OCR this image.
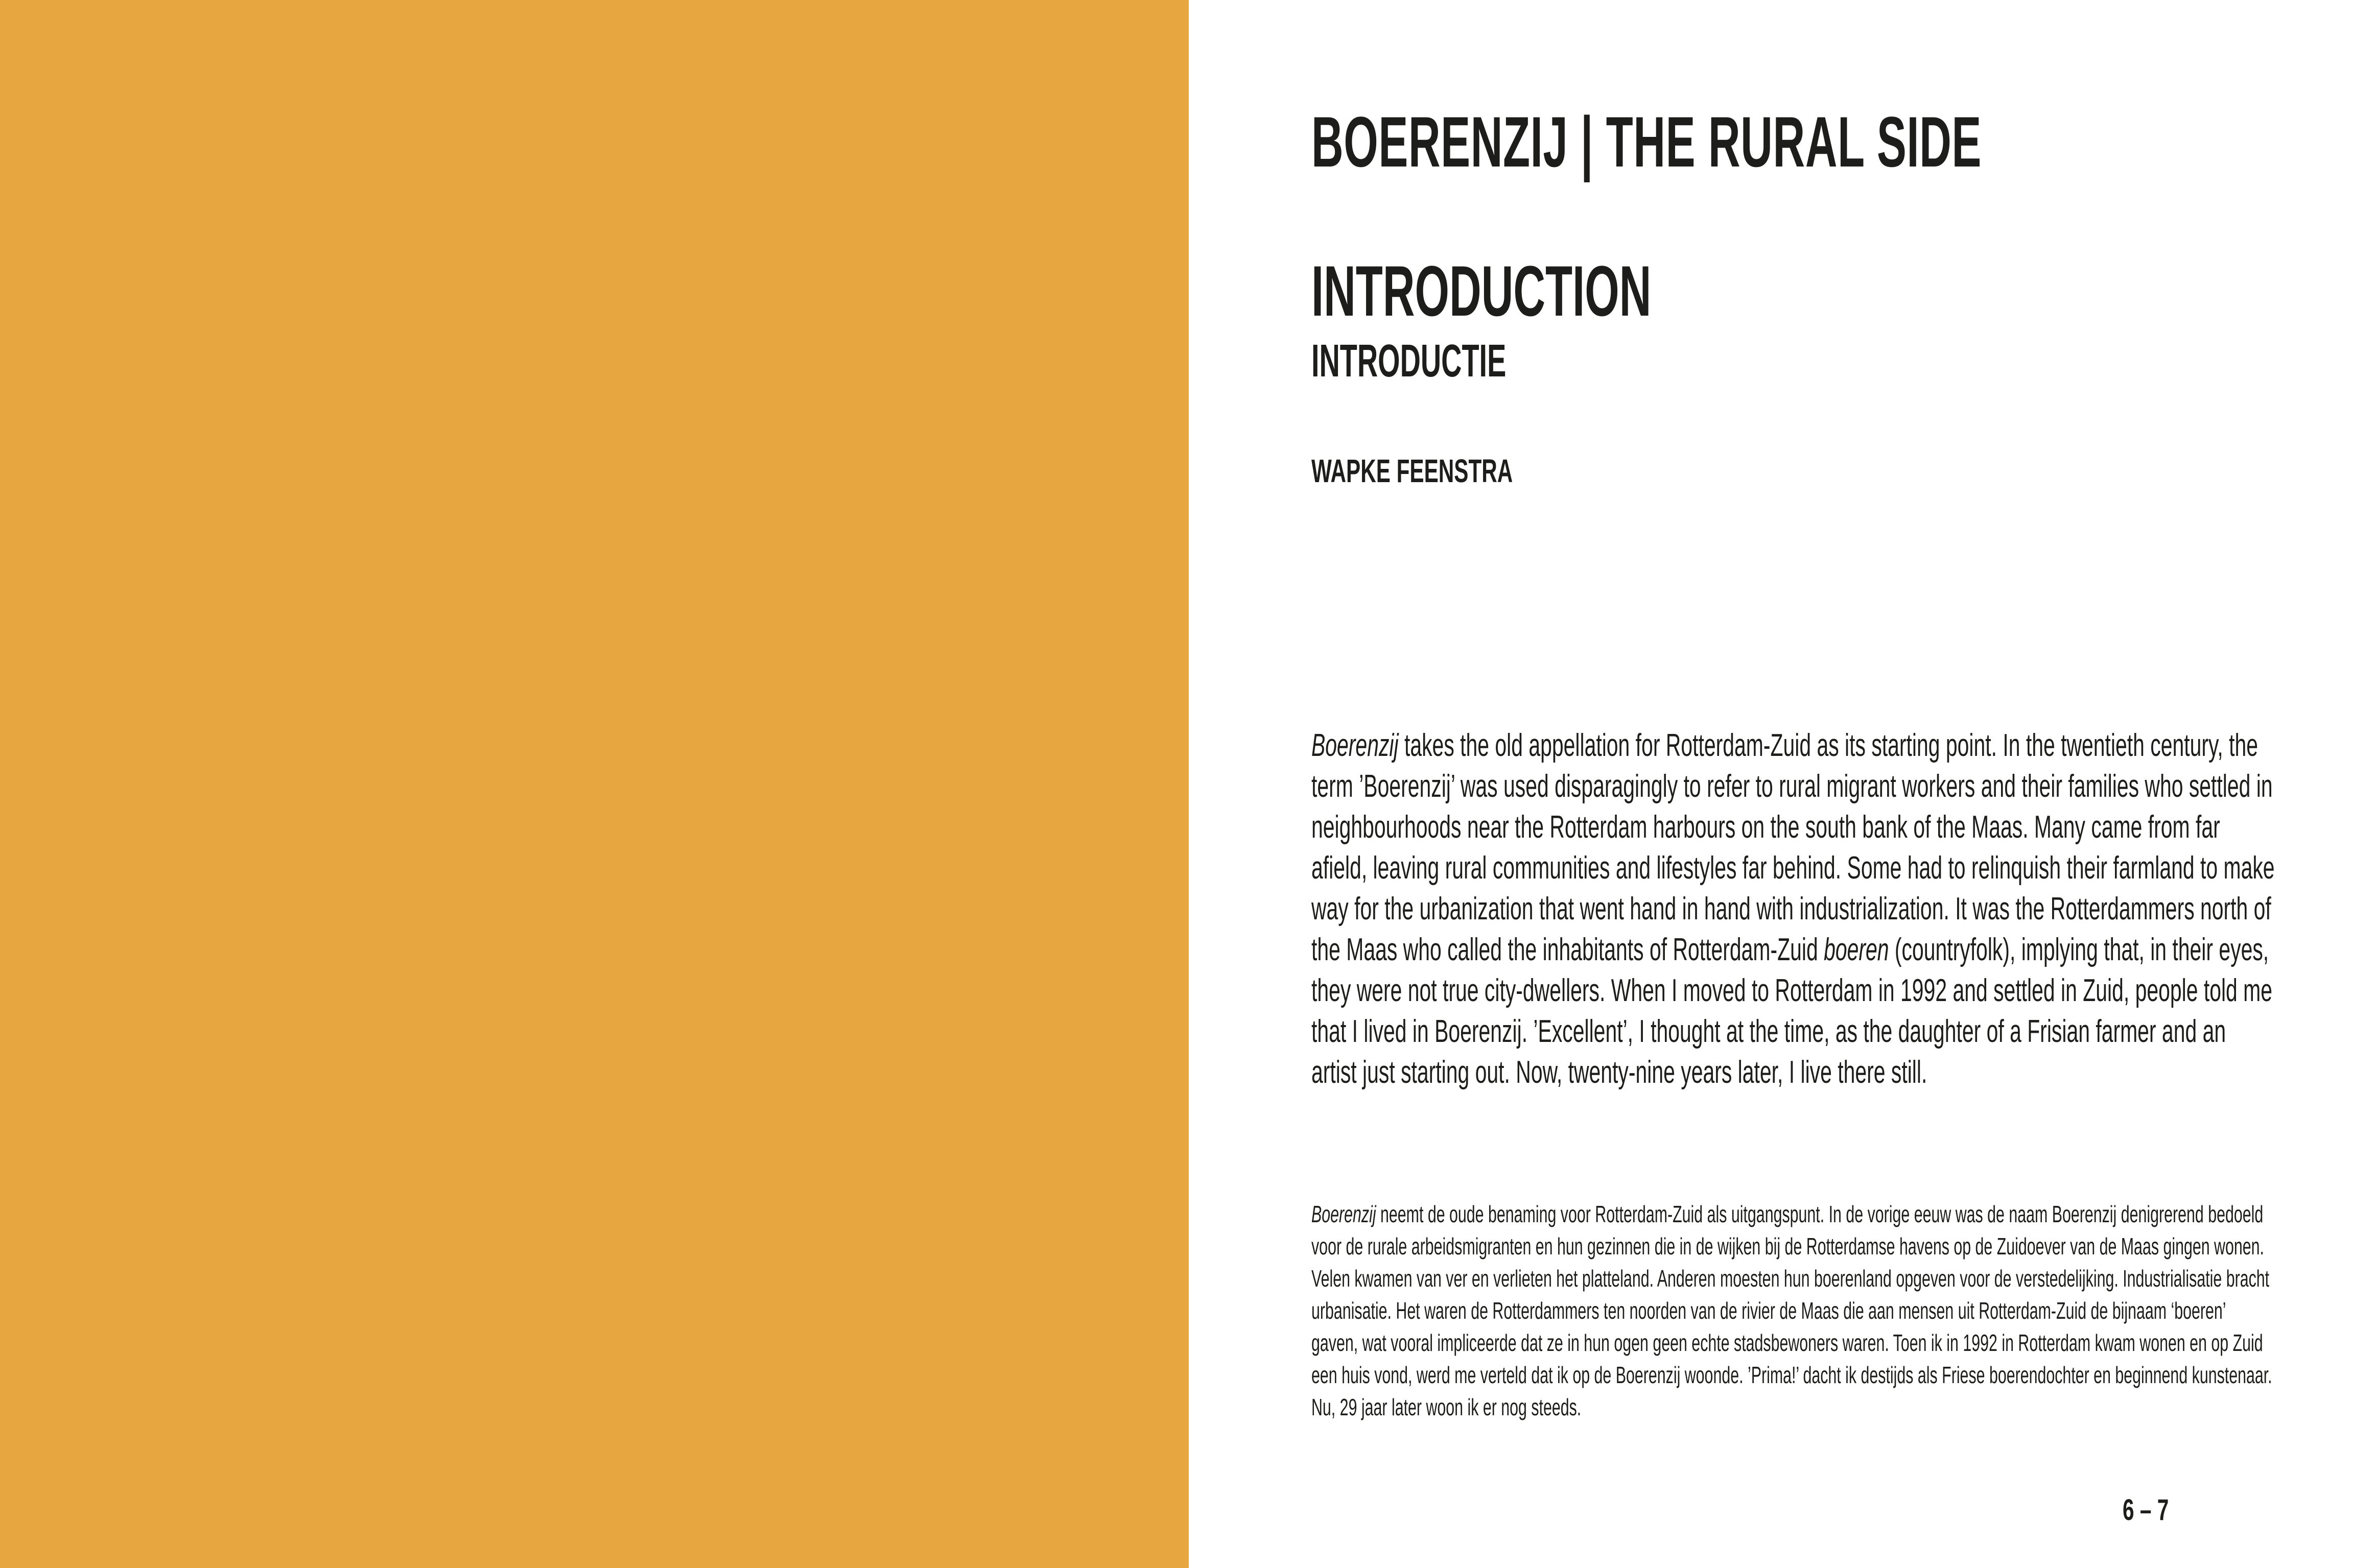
BOERENZIJ | THE RURAL SIDE
INTRODUCTION
INTRODUCTIE

WAPKE FEENSTRA

Boerenzij takes the old appellation for Rotterdam-Zuid as its starting point. In the twentieth century, the term ’Boerenzij’ was used disparagingly to refer to rural migrant workers and their families who settled in neighbourhoods near the Rotterdam harbours on the south bank of the Maas. Many came from far afield, leaving rural communities and lifestyles far behind. Some had to relinquish their farmland to make way for the urbanization that went hand in hand with industrialization. It was the Rotterdammers north of the Maas who called the inhabitants of Rotterdam-Zuid boeren (countryfolk), implying that, in their eyes, they were not true city-dwellers. When I moved to Rotterdam in 1992 and settled in Zuid, people told me that I lived in Boerenzij. ’Excellent’, I thought at the time, as the daughter of a Frisian farmer and an artist just starting out. Now, twenty-nine years later, I live there still.

Boerenzij neemt de oude benaming voor Rotterdam-Zuid als uitgangspunt. In de vorige eeuw was de naam Boerenzij denigrerend bedoeld voor de rurale arbeidsmigranten en hun gezinnen die in de wijken bij de Rotterdamse havens op de Zuidoever van de Maas gingen wonen. Velen kwamen van ver en verlieten het platteland. Anderen moesten hun boerenland opgeven voor de verstedelijking. Industrialisatie bracht urbanisatie. Het waren de Rotterdammers ten noorden van de rivier de Maas die aan mensen uit Rotterdam-Zuid de bijnaam ‘boeren’ gaven, wat vooral impliceerde dat ze in hun ogen geen echte stadsbewoners waren. Toen ik in 1992 in Rotterdam kwam wonen en op Zuid een huis vond, werd me verteld dat ik op de Boerenzij woonde. ’Prima!’ dacht ik destijds als Friese boerendochter en beginnend kunstenaar. Nu, 29 jaar later woon ik er nog steeds.

6 – 7
